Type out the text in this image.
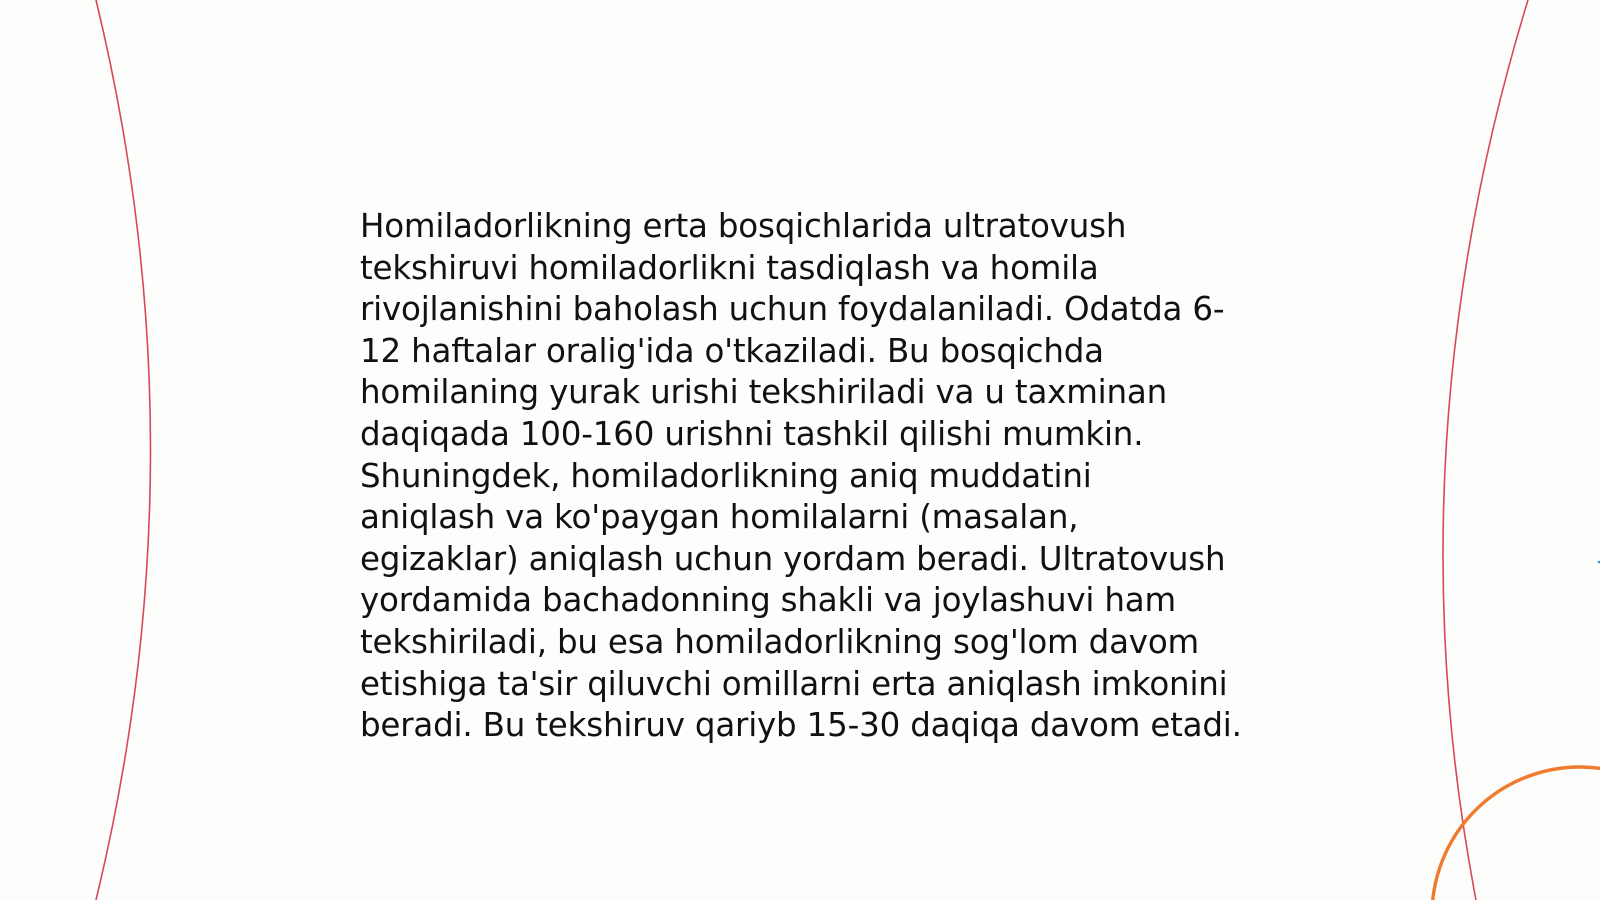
Homiladorlikning erta bosqichlarida ultratovush
tekshiruvi homiladorlikni tasdiqlash va homila
rivojlanishini baholash uchun foydalaniladi. Odatda 6-
12 haftalar oralig'ida o'tkaziladi. Bu bosqichda
homilaning yurak urishi tekshiriladi va u taxminan
daqiqada 100-160 urishni tashkil qilishi mumkin.
Shuningdek, homiladorlikning aniq muddatini
aniqlash va ko'paygan homilalarni (masalan,
egizaklar) aniqlash uchun yordam beradi. Ultratovush
yordamida bachadonning shakli va joylashuvi ham
tekshiriladi, bu esa homiladorlikning sog'lom davom
etishiga ta'sir qiluvchi omillarni erta aniqlash imkonini
beradi. Bu tekshiruv qariyb 15-30 daqiqa davom etadi.
